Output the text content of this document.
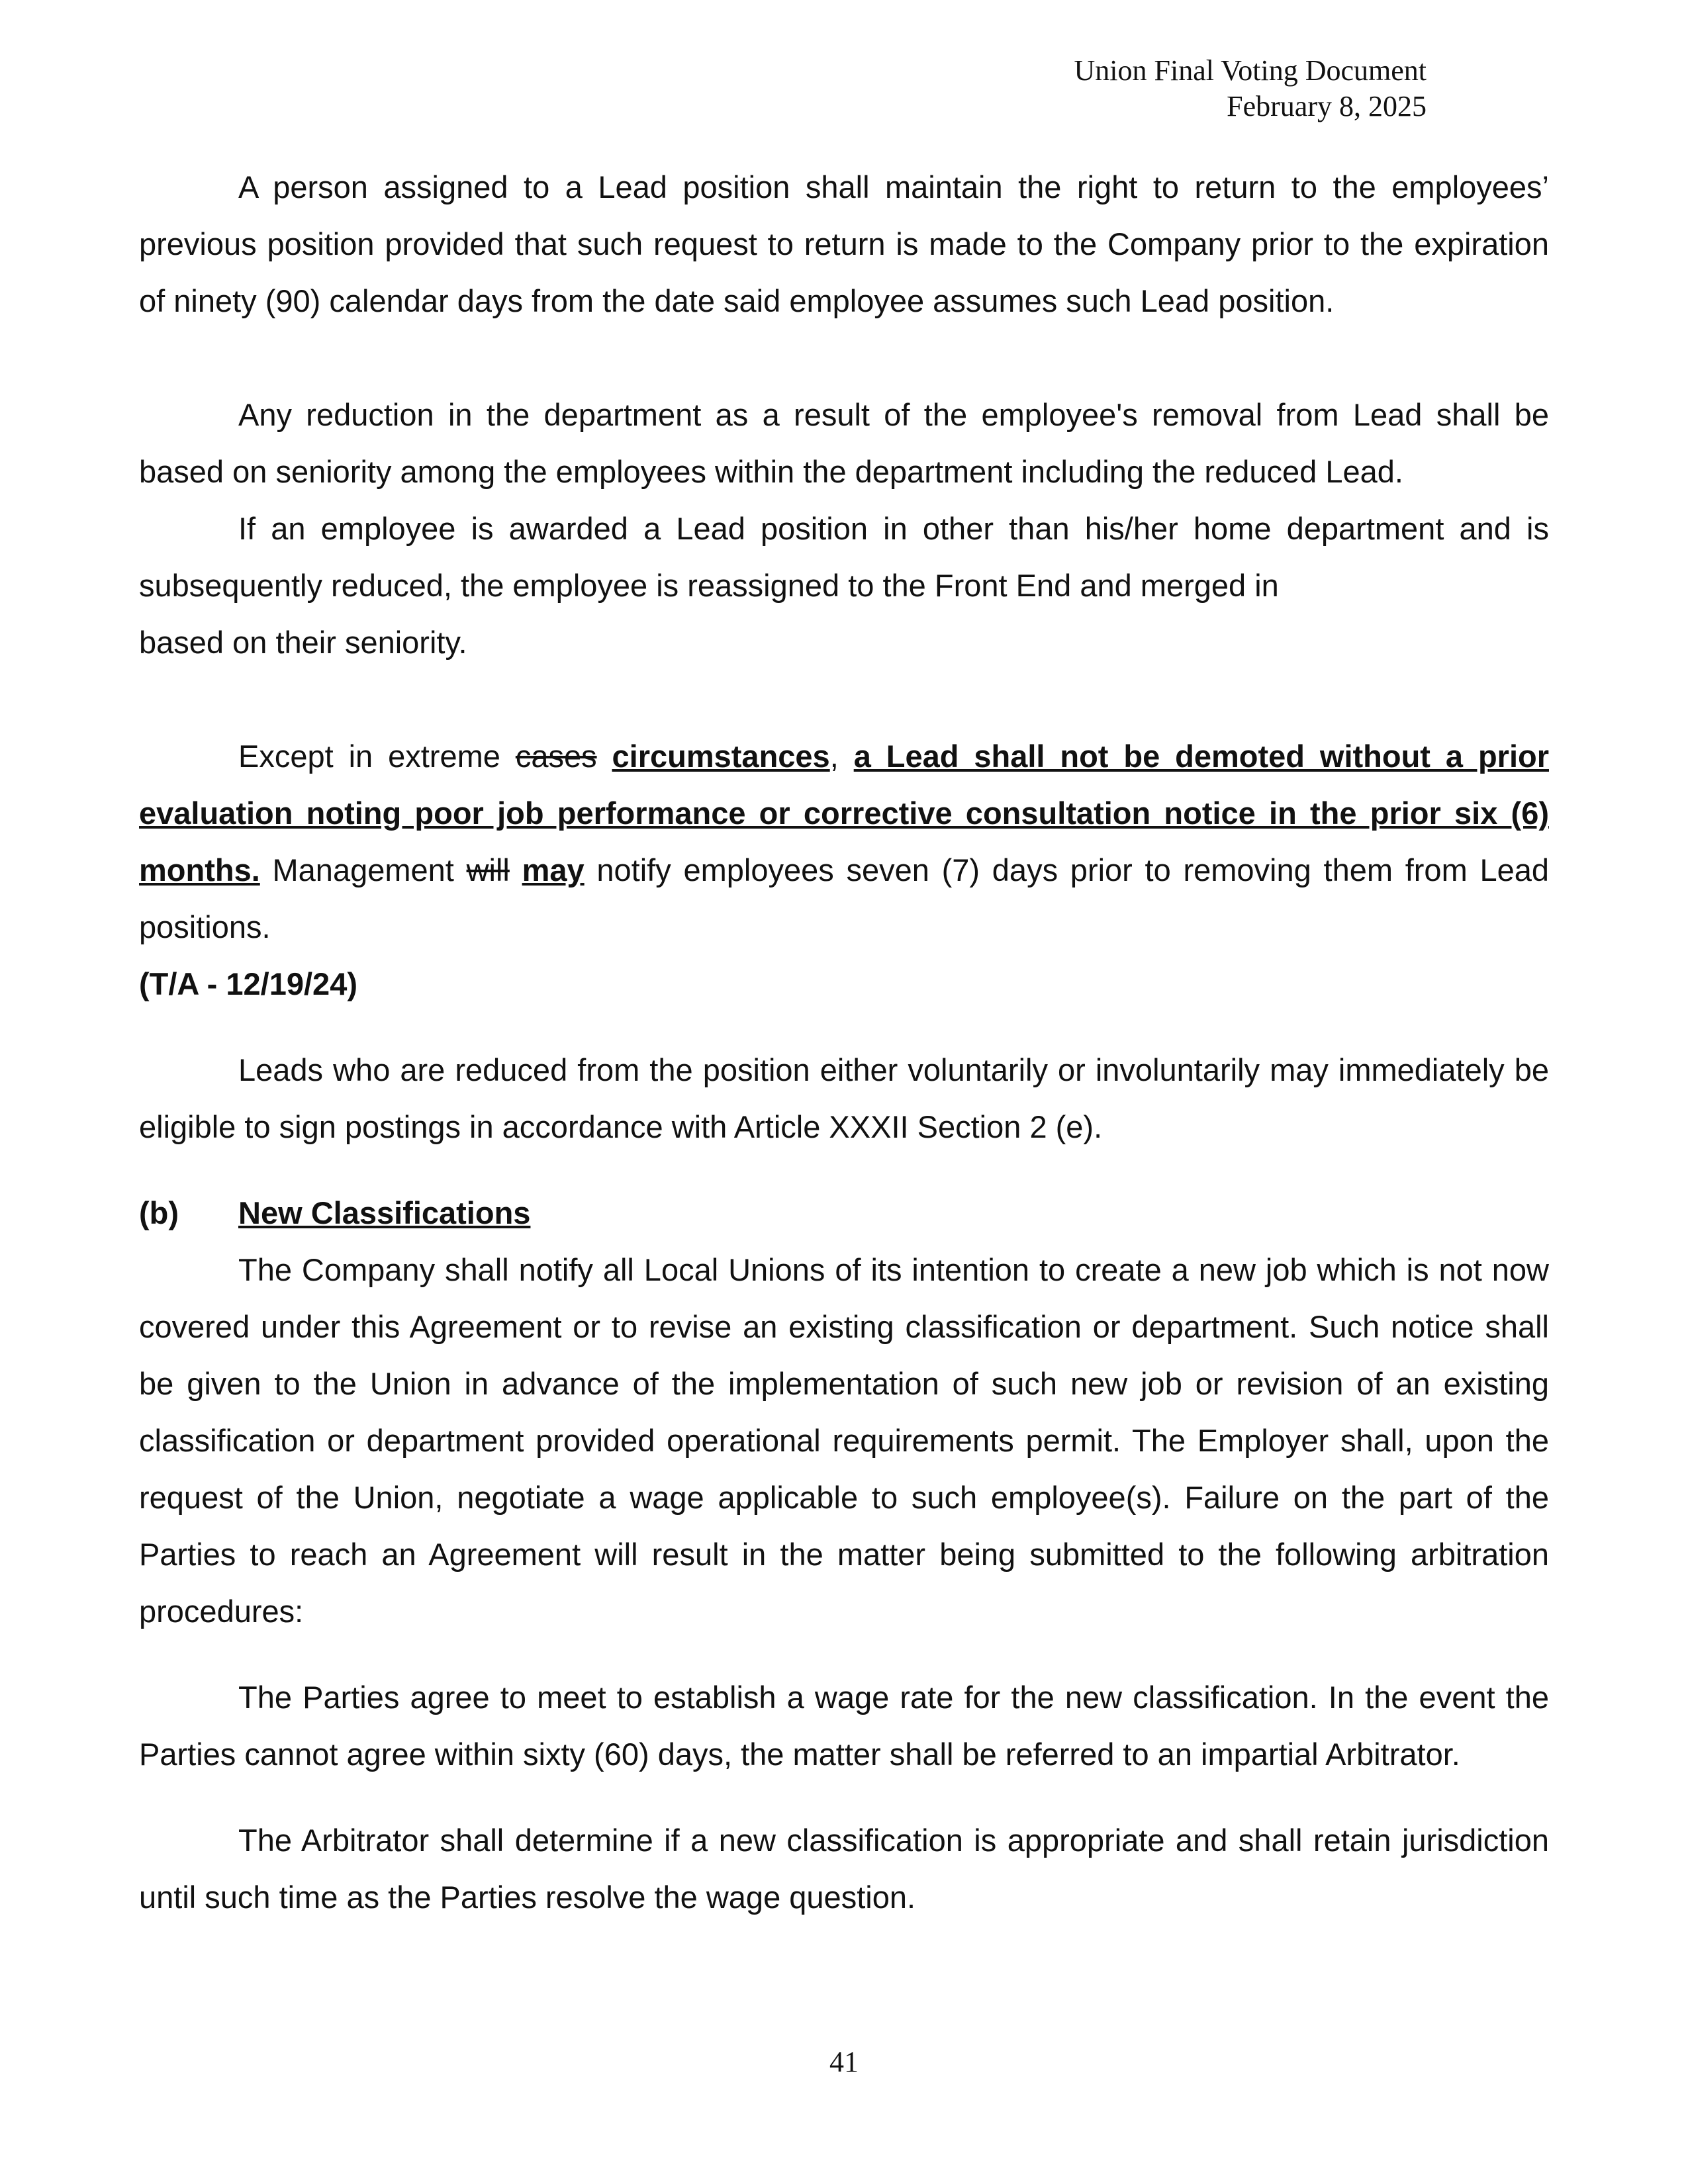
Union Final Voting Document
February 8, 2025

A person assigned to a Lead position shall maintain the right to return to the employees’ previous position provided that such request to return is made to the Company prior to the expiration of ninety (90) calendar days from the date said employee assumes such Lead position.

Any reduction in the department as a result of the employee's removal from Lead shall be based on seniority among the employees within the department including the reduced Lead.

If an employee is awarded a Lead position in other than his/her home department and is subsequently reduced, the employee is reassigned to the Front End and merged in

based on their seniority.

Except in extreme cases circumstances, a Lead shall not be demoted without a prior evaluation noting poor job performance or corrective consultation notice in the prior six (6) months. Management will may notify employees seven (7) days prior to removing them from Lead positions.

(T/A - 12/19/24)

Leads who are reduced from the position either voluntarily or involuntarily may immediately be eligible to sign postings in accordance with Article XXXII Section 2 (e).

(b) New Classifications

The Company shall notify all Local Unions of its intention to create a new job which is not now covered under this Agreement or to revise an existing classification or department. Such notice shall be given to the Union in advance of the implementation of such new job or revision of an existing classification or department provided operational requirements permit. The Employer shall, upon the request of the Union, negotiate a wage applicable to such employee(s). Failure on the part of the Parties to reach an Agreement will result in the matter being submitted to the following arbitration procedures:

The Parties agree to meet to establish a wage rate for the new classification. In the event the Parties cannot agree within sixty (60) days, the matter shall be referred to an impartial Arbitrator.

The Arbitrator shall determine if a new classification is appropriate and shall retain jurisdiction until such time as the Parties resolve the wage question.

41
